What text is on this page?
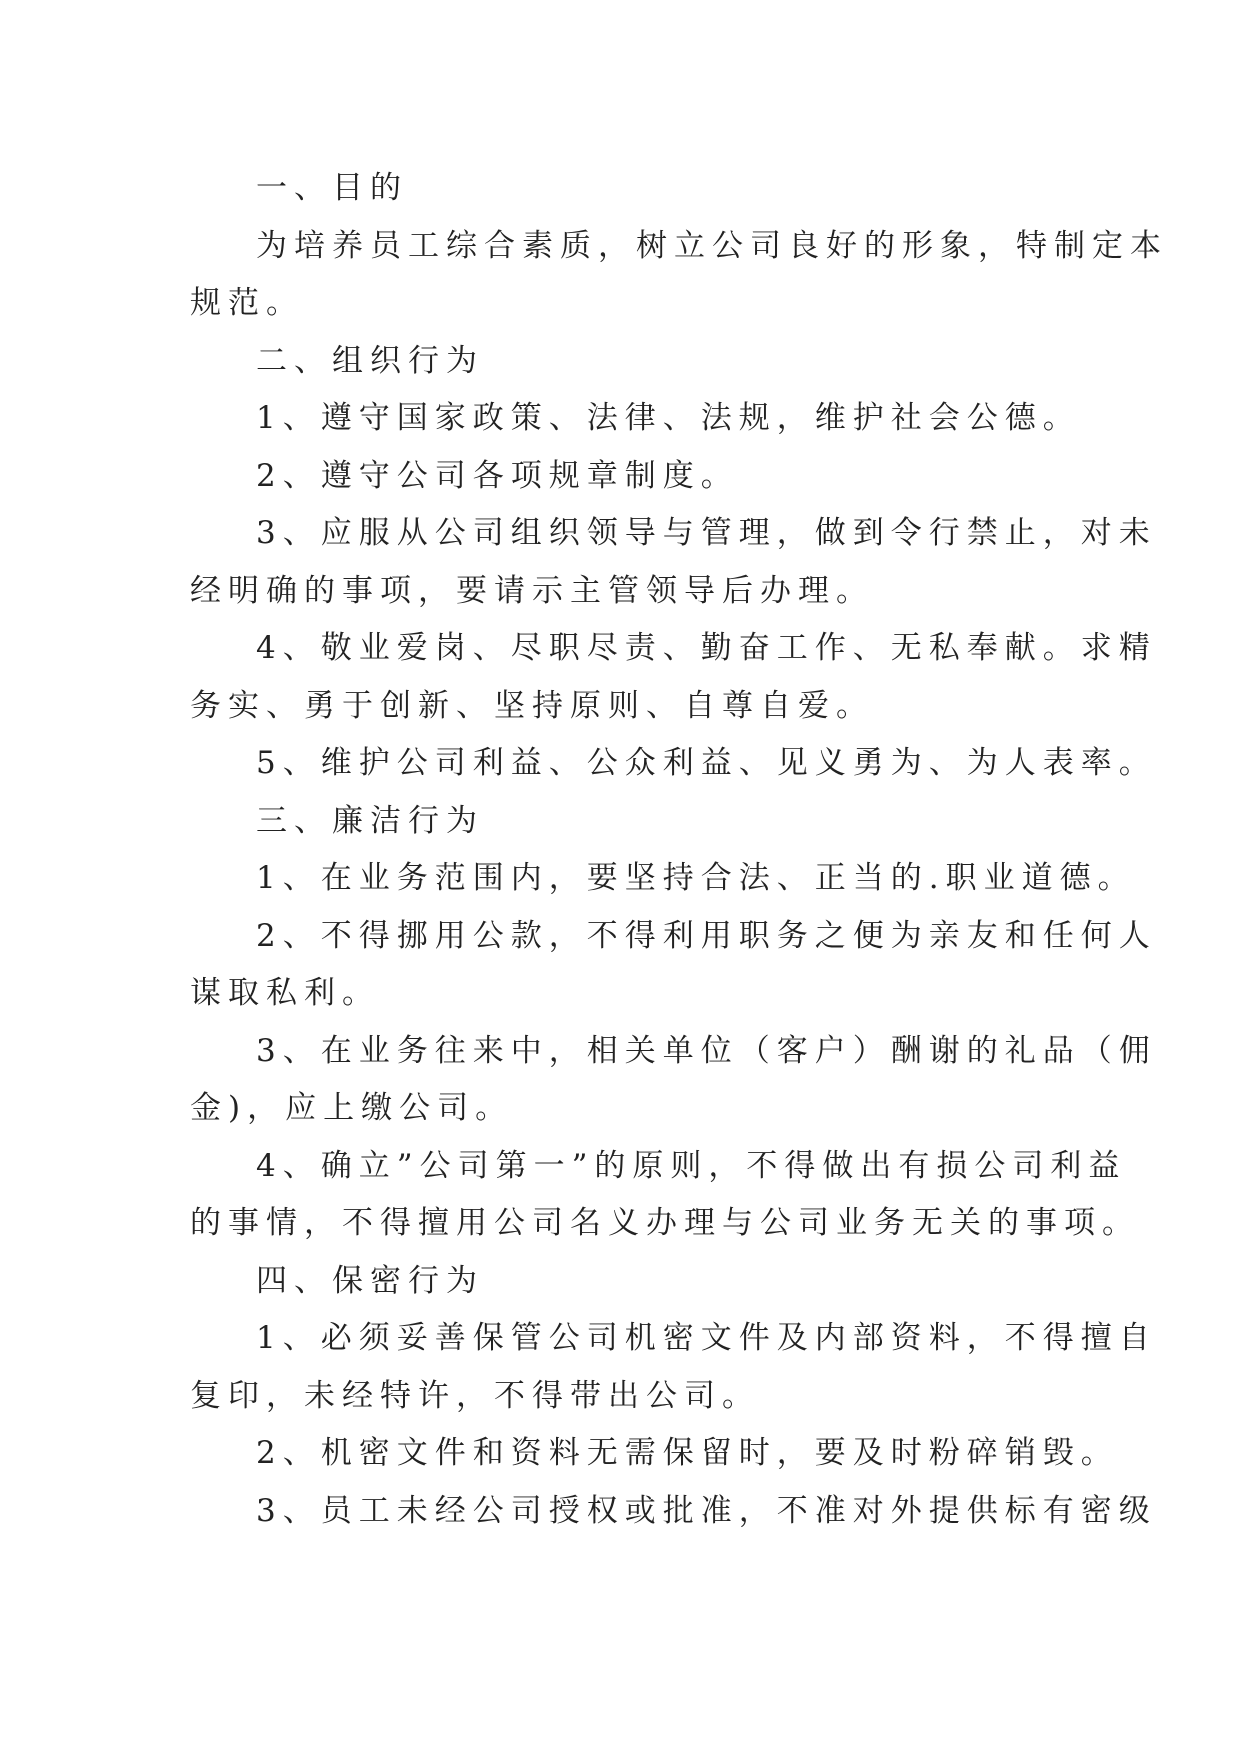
一、目的

为培养员工综合素质，树立公司良好的形象，特制定本

规范。

二、组织行为

1、遵守国家政策、法律、法规，维护社会公德。

2、遵守公司各项规章制度。

3、应服从公司组织领导与管理，做到令行禁止，对未

经明确的事项，要请示主管领导后办理。

4、敬业爱岗、尽职尽责、勤奋工作、无私奉献。求精

务实、勇于创新、坚持原则、自尊自爱。

5、维护公司利益、公众利益、见义勇为、为人表率。

三、廉洁行为

1、在业务范围内，要坚持合法、正当的.职业道德。

2、不得挪用公款，不得利用职务之便为亲友和任何人

谋取私利。

3、在业务往来中，相关单位（客户）酬谢的礼品（佣

金)，应上缴公司。

4、确立”公司第一”的原则，不得做出有损公司利益

的事情，不得擅用公司名义办理与公司业务无关的事项。

四、保密行为

1、必须妥善保管公司机密文件及内部资料，不得擅自

复印，未经特许，不得带出公司。

2、机密文件和资料无需保留时，要及时粉碎销毁。

3、员工未经公司授权或批准，不准对外提供标有密级
